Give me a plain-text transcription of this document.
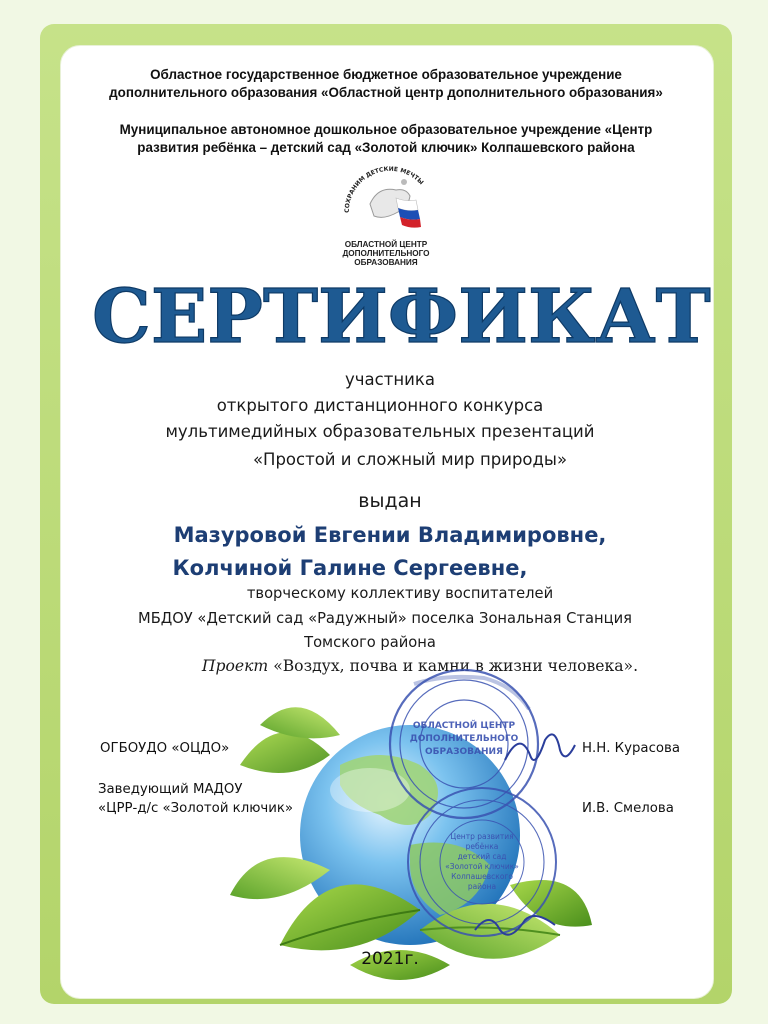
Областное государственное бюджетное образовательное учреждение
дополнительного образования «Областной центр дополнительного образования»
Муниципальное автономное дошкольное образовательное учреждение «Центр
развития ребёнка – детский сад «Золотой ключик» Колпашевского района
СОХРАНИМ ДЕТСКИЕ МЕЧТЫ
ОБЛАСТНОЙ ЦЕНТР
ДОПОЛНИТЕЛЬНОГО
ОБРАЗОВАНИЯ
СЕРТИФИКАТ
участника
открытого дистанционного конкурса
мультимедийных образовательных презентаций
«Простой и сложный мир природы»
выдан
Мазуровой Евгении Владимировне,
Колчиной Галине Сергеевне,
творческому коллективу воспитателей
МБДОУ «Детский сад «Радужный» поселка Зональная Станция
Томского района
Проект «Воздух, почва и камни в жизни человека».
ОБЛАСТНОЙ ЦЕНТР
ДОПОЛНИТЕЛЬНОГО
ОБРАЗОВАНИЯ
Центр развития
ребёнка
детский сад
«Золотой ключик»
Колпашевского
района
ОГБОУДО «ОЦДО»	Н.Н. Курасова
Заведующий МАДОУ
«ЦРР-д/с «Золотой ключик»	И.В. Смелова
2021г.
